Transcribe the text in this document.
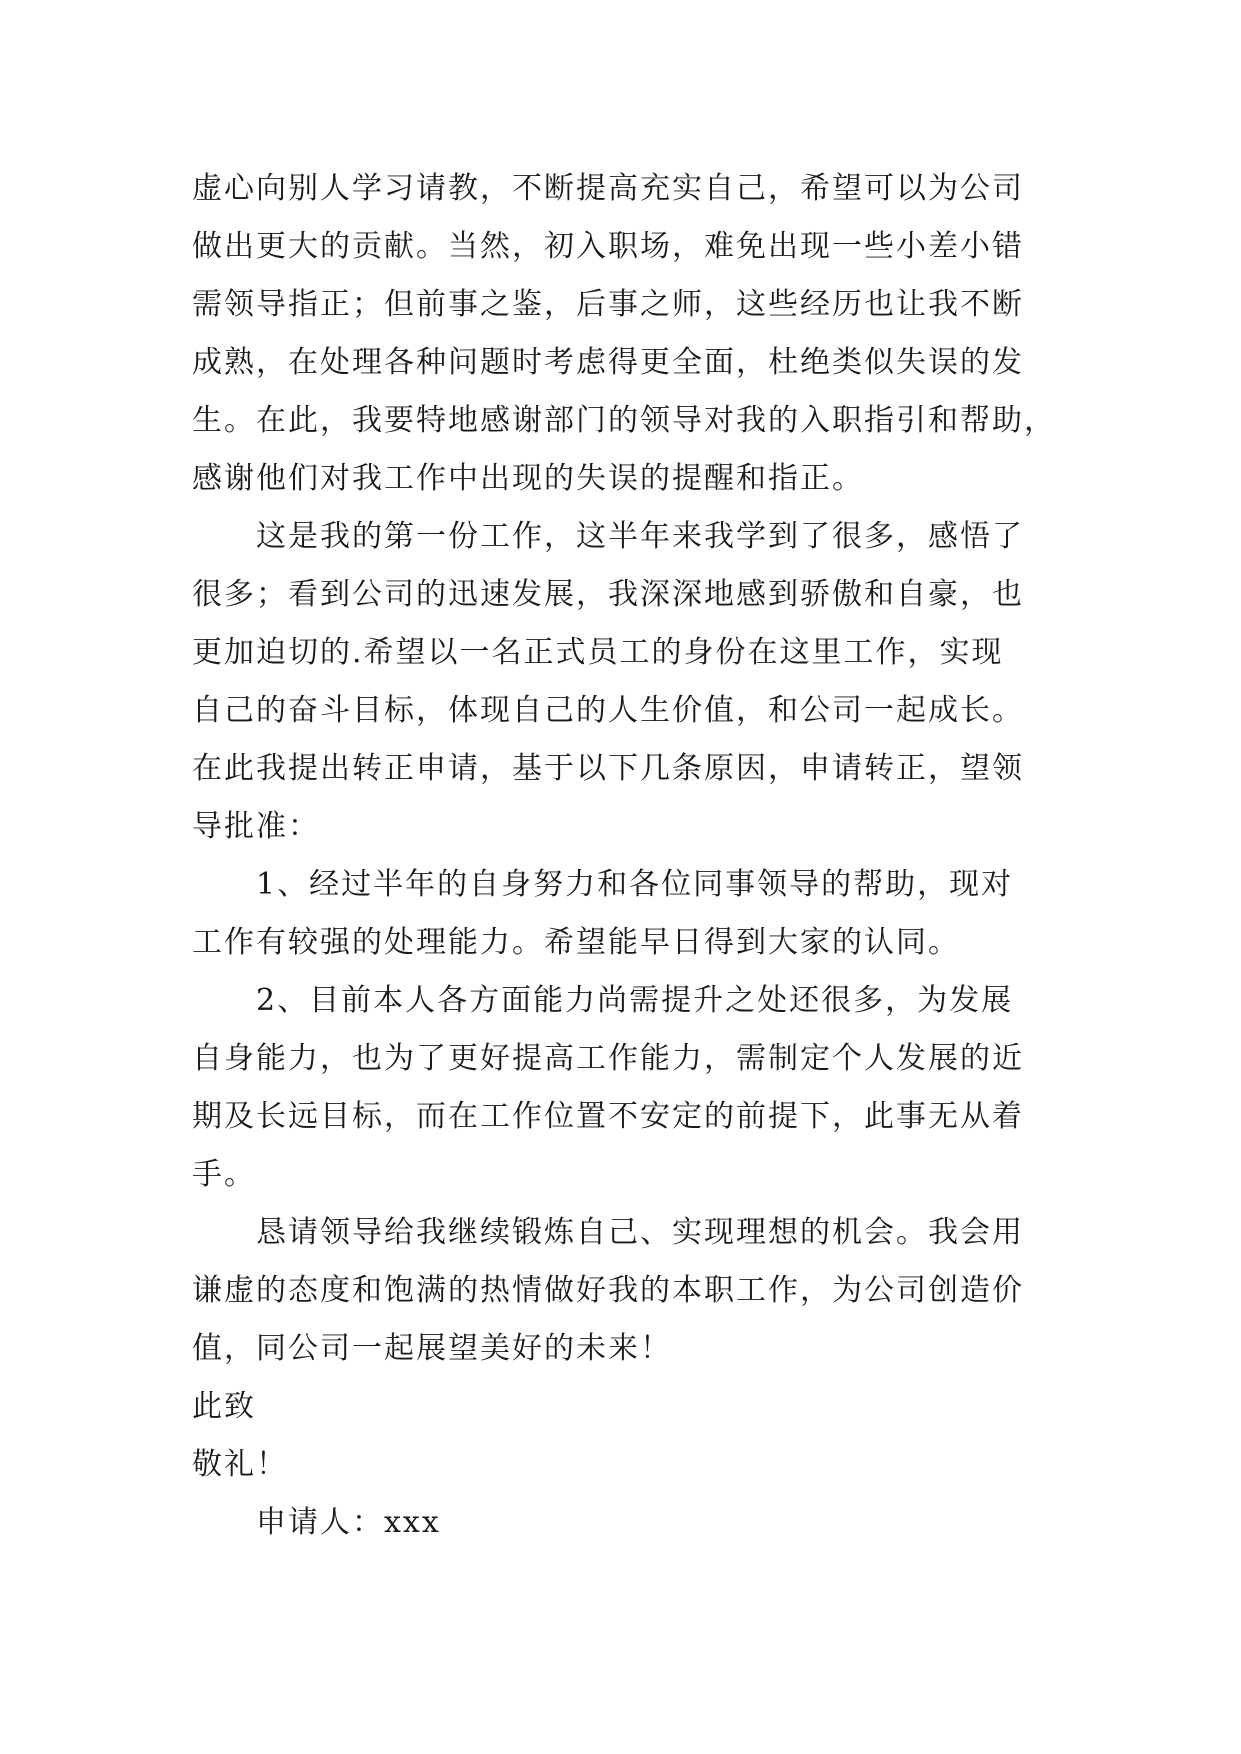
虚心向别人学习请教，不断提高充实自己，希望可以为公司
做出更大的贡献。当然，初入职场，难免出现一些小差小错
需领导指正；但前事之鉴，后事之师，这些经历也让我不断
成熟，在处理各种问题时考虑得更全面，杜绝类似失误的发
生。在此，我要特地感谢部门的领导对我的入职指引和帮助，
感谢他们对我工作中出现的失误的提醒和指正。
这是我的第一份工作，这半年来我学到了很多，感悟了
很多；看到公司的迅速发展，我深深地感到骄傲和自豪，也
更加迫切的.希望以一名正式员工的身份在这里工作，实现
自己的奋斗目标，体现自己的人生价值，和公司一起成长。
在此我提出转正申请，基于以下几条原因，申请转正，望领
导批准：
1、经过半年的自身努力和各位同事领导的帮助，现对
工作有较强的处理能力。希望能早日得到大家的认同。
2、目前本人各方面能力尚需提升之处还很多，为发展
自身能力，也为了更好提高工作能力，需制定个人发展的近
期及长远目标，而在工作位置不安定的前提下，此事无从着
手。
恳请领导给我继续锻炼自己、实现理想的机会。我会用
谦虚的态度和饱满的热情做好我的本职工作，为公司创造价
值，同公司一起展望美好的未来！
此致
敬礼！
申请人：xxx
